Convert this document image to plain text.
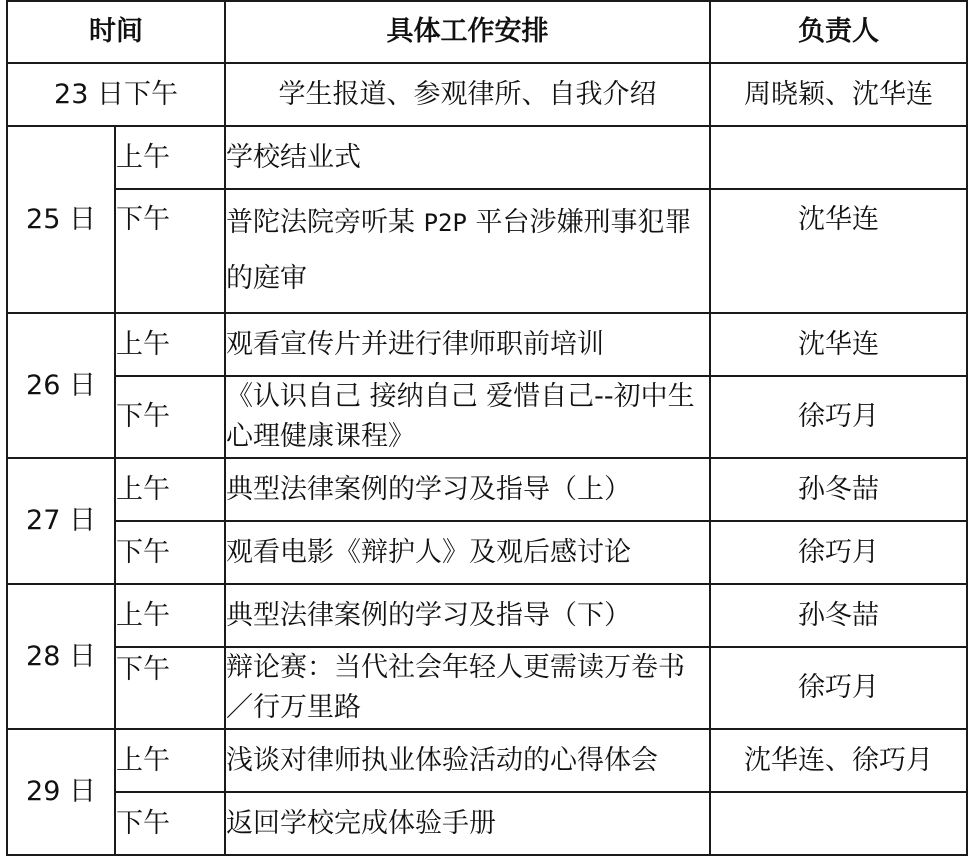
时间		具体工作安排	负责人
23 日下午		学生报道、参观律所、自我介绍	周晓颖、沈华连
25 日	上午	学校结业式	
	下午	普陀法院旁听某 P2P 平台涉嫌刑事犯罪的庭审	沈华连
26 日	上午	观看宣传片并进行律师职前培训	沈华连
	下午	《认识自己 接纳自己 爱惜自己--初中生心理健康课程》	徐巧月
27 日	上午	典型法律案例的学习及指导（上）	孙冬喆
	下午	观看电影《辩护人》及观后感讨论	徐巧月
28 日	上午	典型法律案例的学习及指导（下）	孙冬喆
	下午	辩论赛：当代社会年轻人更需读万卷书／行万里路	徐巧月
29 日	上午	浅谈对律师执业体验活动的心得体会	沈华连、徐巧月
	下午	返回学校完成体验手册	
